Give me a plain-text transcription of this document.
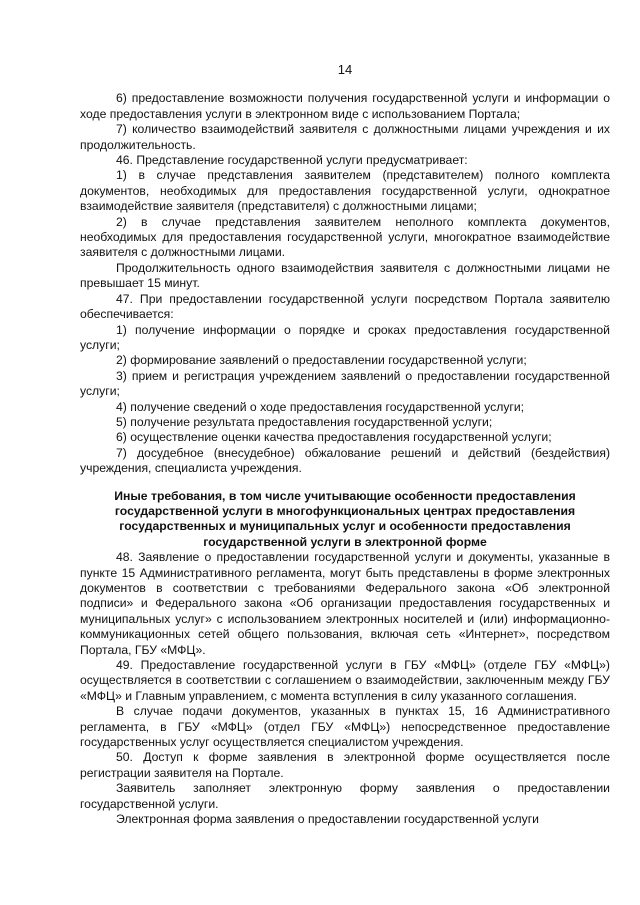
14

6) предоставление возможности получения государственной услуги и информации о ходе предоставления услуги в электронном виде с использованием Портала;

7) количество взаимодействий заявителя с должностными лицами учреждения и их продолжительность.

46. Представление государственной услуги предусматривает:

1) в случае представления заявителем (представителем) полного комплекта документов, необходимых для предоставления государственной услуги, однократное взаимодействие заявителя (представителя) с должностными лицами;

2) в случае представления заявителем неполного комплекта документов, необходимых для предоставления государственной услуги, многократное взаимодействие заявителя с должностными лицами.

Продолжительность одного взаимодействия заявителя с должностными лицами не превышает 15 минут.

47. При предоставлении государственной услуги посредством Портала заявителю обеспечивается:

1) получение информации о порядке и сроках предоставления государственной услуги;

2) формирование заявлений о предоставлении государственной услуги;

3) прием и регистрация учреждением заявлений о предоставлении государственной услуги;

4) получение сведений о ходе предоставления государственной услуги;

5) получение результата предоставления государственной услуги;

6) осуществление оценки качества предоставления государственной услуги;

7) досудебное (внесудебное) обжалование решений и действий (бездействия) учреждения, специалиста учреждения.

Иные требования, в том числе учитывающие особенности предоставления государственной услуги в многофункциональных центрах предоставления государственных и муниципальных услуг и особенности предоставления государственной услуги в электронной форме

48. Заявление о предоставлении государственной услуги и документы, указанные в пункте 15 Административного регламента, могут быть представлены в форме электронных документов в соответствии с требованиями Федерального закона «Об электронной подписи» и Федерального закона «Об организации предоставления государственных и муниципальных услуг» с использованием электронных носителей и (или) информационно-коммуникационных сетей общего пользования, включая сеть «Интернет», посредством Портала, ГБУ «МФЦ».

49. Предоставление государственной услуги в ГБУ «МФЦ» (отделе ГБУ «МФЦ») осуществляется в соответствии с соглашением о взаимодействии, заключенным между ГБУ «МФЦ» и Главным управлением, с момента вступления в силу указанного соглашения.

В случае подачи документов, указанных в пунктах 15, 16 Административного регламента, в ГБУ «МФЦ» (отдел ГБУ «МФЦ») непосредственное предоставление государственных услуг осуществляется специалистом учреждения.

50. Доступ к форме заявления в электронной форме осуществляется после регистрации заявителя на Портале.

Заявитель заполняет электронную форму заявления о предоставлении государственной услуги.

Электронная форма заявления о предоставлении государственной услуги
